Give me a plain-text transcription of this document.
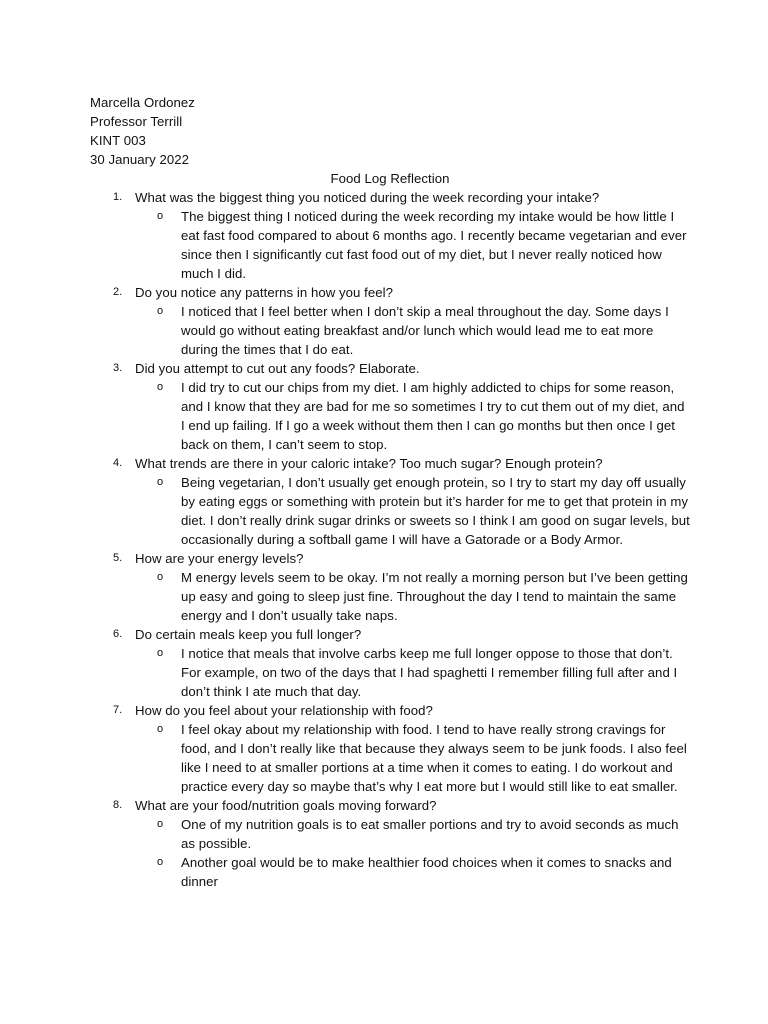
Marcella Ordonez
Professor Terrill
KINT 003
30 January 2022
Food Log Reflection
1. What was the biggest thing you noticed during the week recording your intake?
o The biggest thing I noticed during the week recording my intake would be how little I eat fast food compared to about 6 months ago. I recently became vegetarian and ever since then I significantly cut fast food out of my diet, but I never really noticed how much I did.
2. Do you notice any patterns in how you feel?
o I noticed that I feel better when I don’t skip a meal throughout the day. Some days I would go without eating breakfast and/or lunch which would lead me to eat more during the times that I do eat.
3. Did you attempt to cut out any foods? Elaborate.
o I did try to cut our chips from my diet. I am highly addicted to chips for some reason, and I know that they are bad for me so sometimes I try to cut them out of my diet, and I end up failing. If I go a week without them then I can go months but then once I get back on them, I can’t seem to stop.
4. What trends are there in your caloric intake? Too much sugar? Enough protein?
o Being vegetarian, I don’t usually get enough protein, so I try to start my day off usually by eating eggs or something with protein but it’s harder for me to get that protein in my diet. I don’t really drink sugar drinks or sweets so I think I am good on sugar levels, but occasionally during a softball game I will have a Gatorade or a Body Armor.
5. How are your energy levels?
o M energy levels seem to be okay. I’m not really a morning person but I’ve been getting up easy and going to sleep just fine. Throughout the day I tend to maintain the same energy and I don’t usually take naps.
6. Do certain meals keep you full longer?
o I notice that meals that involve carbs keep me full longer oppose to those that don’t. For example, on two of the days that I had spaghetti I remember filling full after and I don’t think I ate much that day.
7. How do you feel about your relationship with food?
o I feel okay about my relationship with food. I tend to have really strong cravings for food, and I don’t really like that because they always seem to be junk foods. I also feel like I need to at smaller portions at a time when it comes to eating. I do workout and practice every day so maybe that’s why I eat more but I would still like to eat smaller.
8. What are your food/nutrition goals moving forward?
o One of my nutrition goals is to eat smaller portions and try to avoid seconds as much as possible.
o Another goal would be to make healthier food choices when it comes to snacks and dinner
